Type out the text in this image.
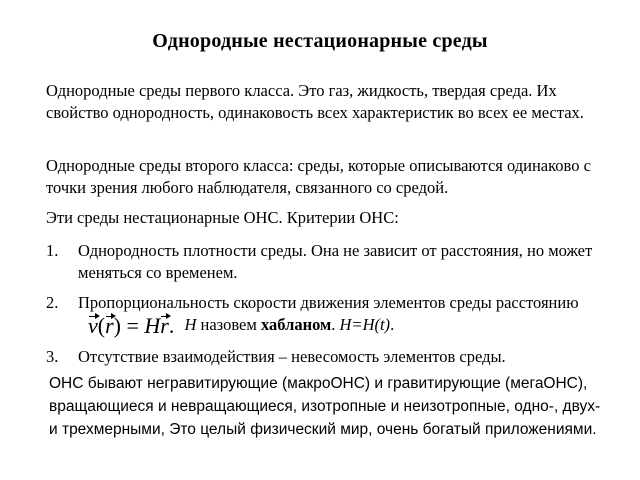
Однородные нестационарные среды
Однородные среды первого класса. Это газ, жидкость, твердая среда. Их свойство однородность, одинаковость всех характеристик во всех ее местах.
Однородные среды второго класса: среды, которые описываются одинаково с точки зрения любого наблюдателя, связанного со средой.
Эти среды нестационарные ОНС. Критерии ОНС:
1. Однородность плотности среды. Она не зависит от расстояния, но может меняться со временем.
2. Пропорциональность скорости движения элементов среды расстояниюv(r) = Hr. H назовем хабланом. H=H(t).
3. Отсутствие взаимодействия – невесомость элементов среды.
ОНС бывают негравитирующие (макроОНС) и гравитирующие (мегаОНС), вращающиеся и невращающиеся, изотропные и неизотропные, одно-, двух- и трехмерными, Это целый физический мир, очень богатый приложениями.
